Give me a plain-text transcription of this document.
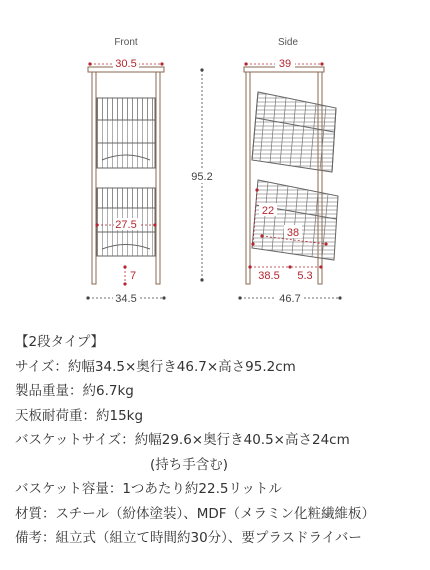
Front
30.5
27.5
7
95.2
34.5
Side
39
22
38
38.5 5.3
46.7
【2段タイプ】
サイズ：約幅34.5×奥行き46.7×高さ95.2cm
製品重量：約6.7kg
天板耐荷重：約15kg
バスケットサイズ：約幅29.6×奥行き40.5×高さ24cm
(持ち手含む)
バスケット容量：1つあたり約22.5リットル
材質：スチール（紛体塗装）、MDF（メラミン化粧繊維板）
備考：組立式（組立て時間約30分）、要プラスドライバー
